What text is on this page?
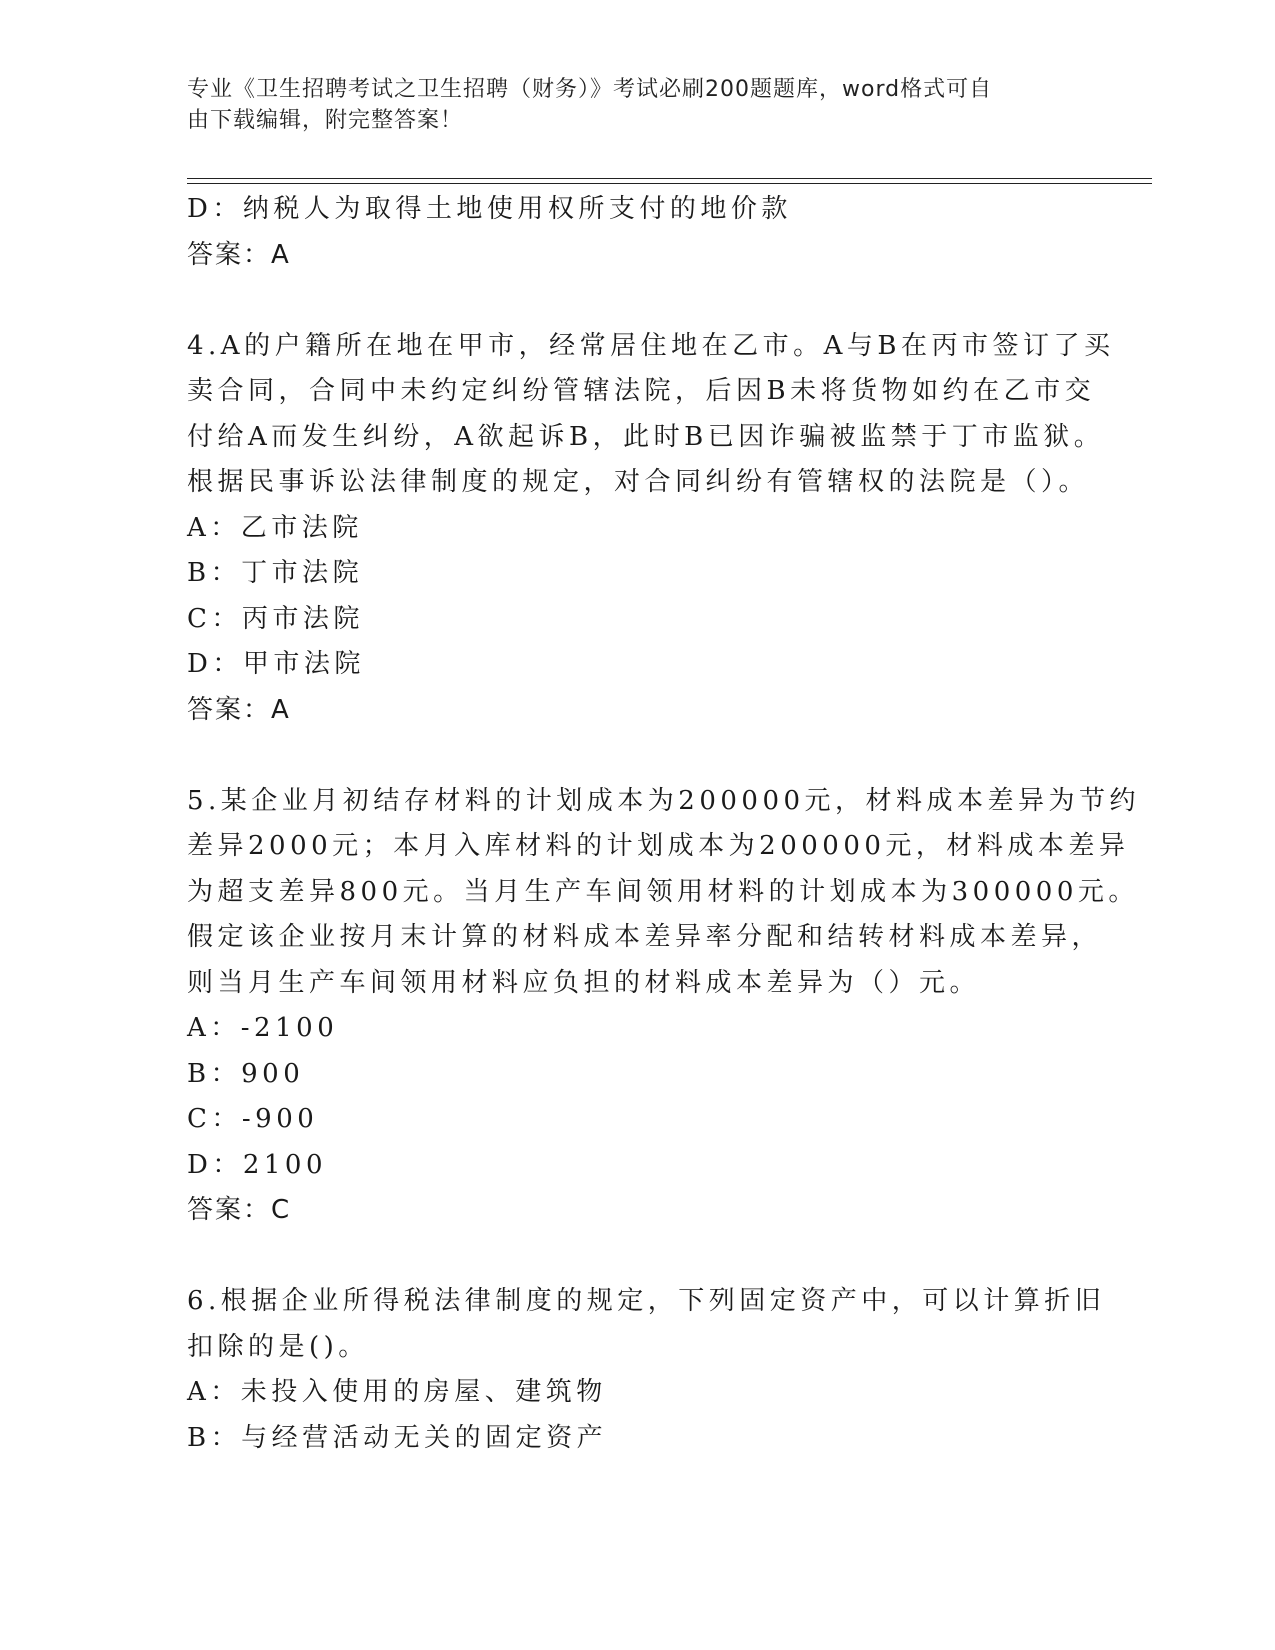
专业《卫生招聘考试之卫生招聘（财务）》考试必刷200题题库，word格式可自
由下载编辑，附完整答案！
D：纳税人为取得土地使用权所支付的地价款
答案：A
4.A的户籍所在地在甲市，经常居住地在乙市。A与B在丙市签订了买
卖合同，合同中未约定纠纷管辖法院，后因B未将货物如约在乙市交
付给A而发生纠纷，A欲起诉B，此时B已因诈骗被监禁于丁市监狱。
根据民事诉讼法律制度的规定，对合同纠纷有管辖权的法院是（）。
A：乙市法院
B：丁市法院
C：丙市法院
D：甲市法院
答案：A
5.某企业月初结存材料的计划成本为200000元，材料成本差异为节约
差异2000元；本月入库材料的计划成本为200000元，材料成本差异
为超支差异800元。当月生产车间领用材料的计划成本为300000元。
假定该企业按月末计算的材料成本差异率分配和结转材料成本差异，
则当月生产车间领用材料应负担的材料成本差异为（）元。
A：-2100
B：900
C：-900
D：2100
答案：C
6.根据企业所得税法律制度的规定，下列固定资产中，可以计算折旧
扣除的是()。
A：未投入使用的房屋、建筑物
B：与经营活动无关的固定资产
